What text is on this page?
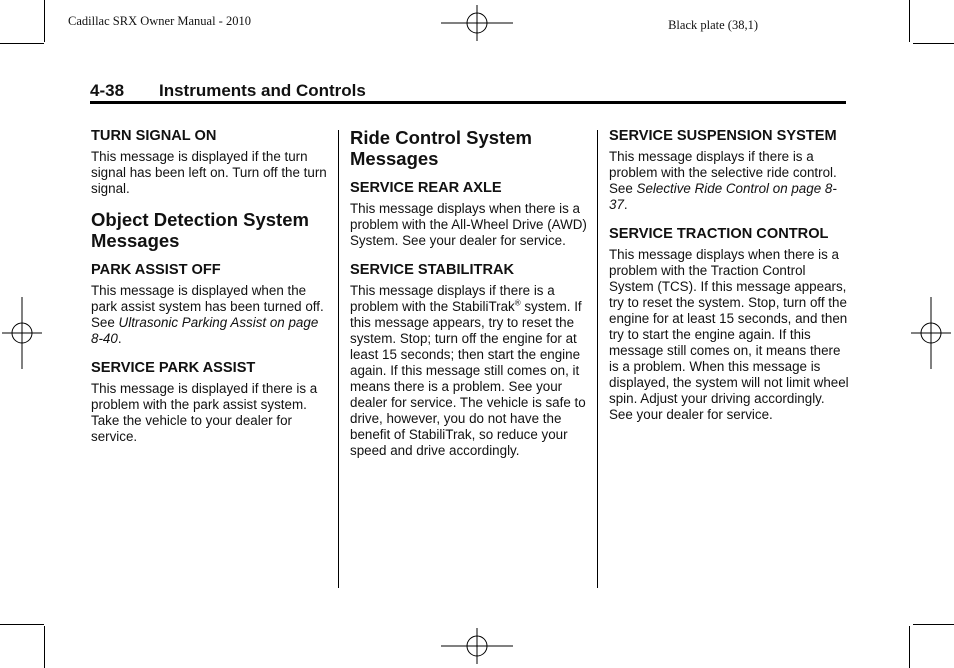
Cadillac SRX Owner Manual - 2010	Black plate (38,1)
4-38 Instruments and Controls
TURN SIGNAL ON

This message is displayed if the turn signal has been left on. Turn off the turn signal.

Object Detection System Messages
PARK ASSIST OFF

This message is displayed when the park assist system has been turned off. See Ultrasonic Parking Assist on page 8-40.

SERVICE PARK ASSIST

This message is displayed if there is a problem with the park assist system. Take the vehicle to your dealer for service.

Ride Control System Messages
SERVICE REAR AXLE

This message displays when there is a problem with the All-Wheel Drive (AWD) System. See your dealer for service.

SERVICE STABILITRAK

This message displays if there is a problem with the StabiliTrak® system. If this message appears, try to reset the system. Stop; turn off the engine for at least 15 seconds; then start the engine again. If this message still comes on, it means there is a problem. See your dealer for service. The vehicle is safe to drive, however, you do not have the benefit of StabiliTrak, so reduce your speed and drive accordingly.

SERVICE SUSPENSION SYSTEM

This message displays if there is a problem with the selective ride control. See Selective Ride Control on page 8-37.

SERVICE TRACTION CONTROL

This message displays when there is a problem with the Traction Control System (TCS). If this message appears, try to reset the system. Stop, turn off the engine for at least 15 seconds, and then try to start the engine again. If this message still comes on, it means there is a problem. When this message is displayed, the system will not limit wheel spin. Adjust your driving accordingly. See your dealer for service.
